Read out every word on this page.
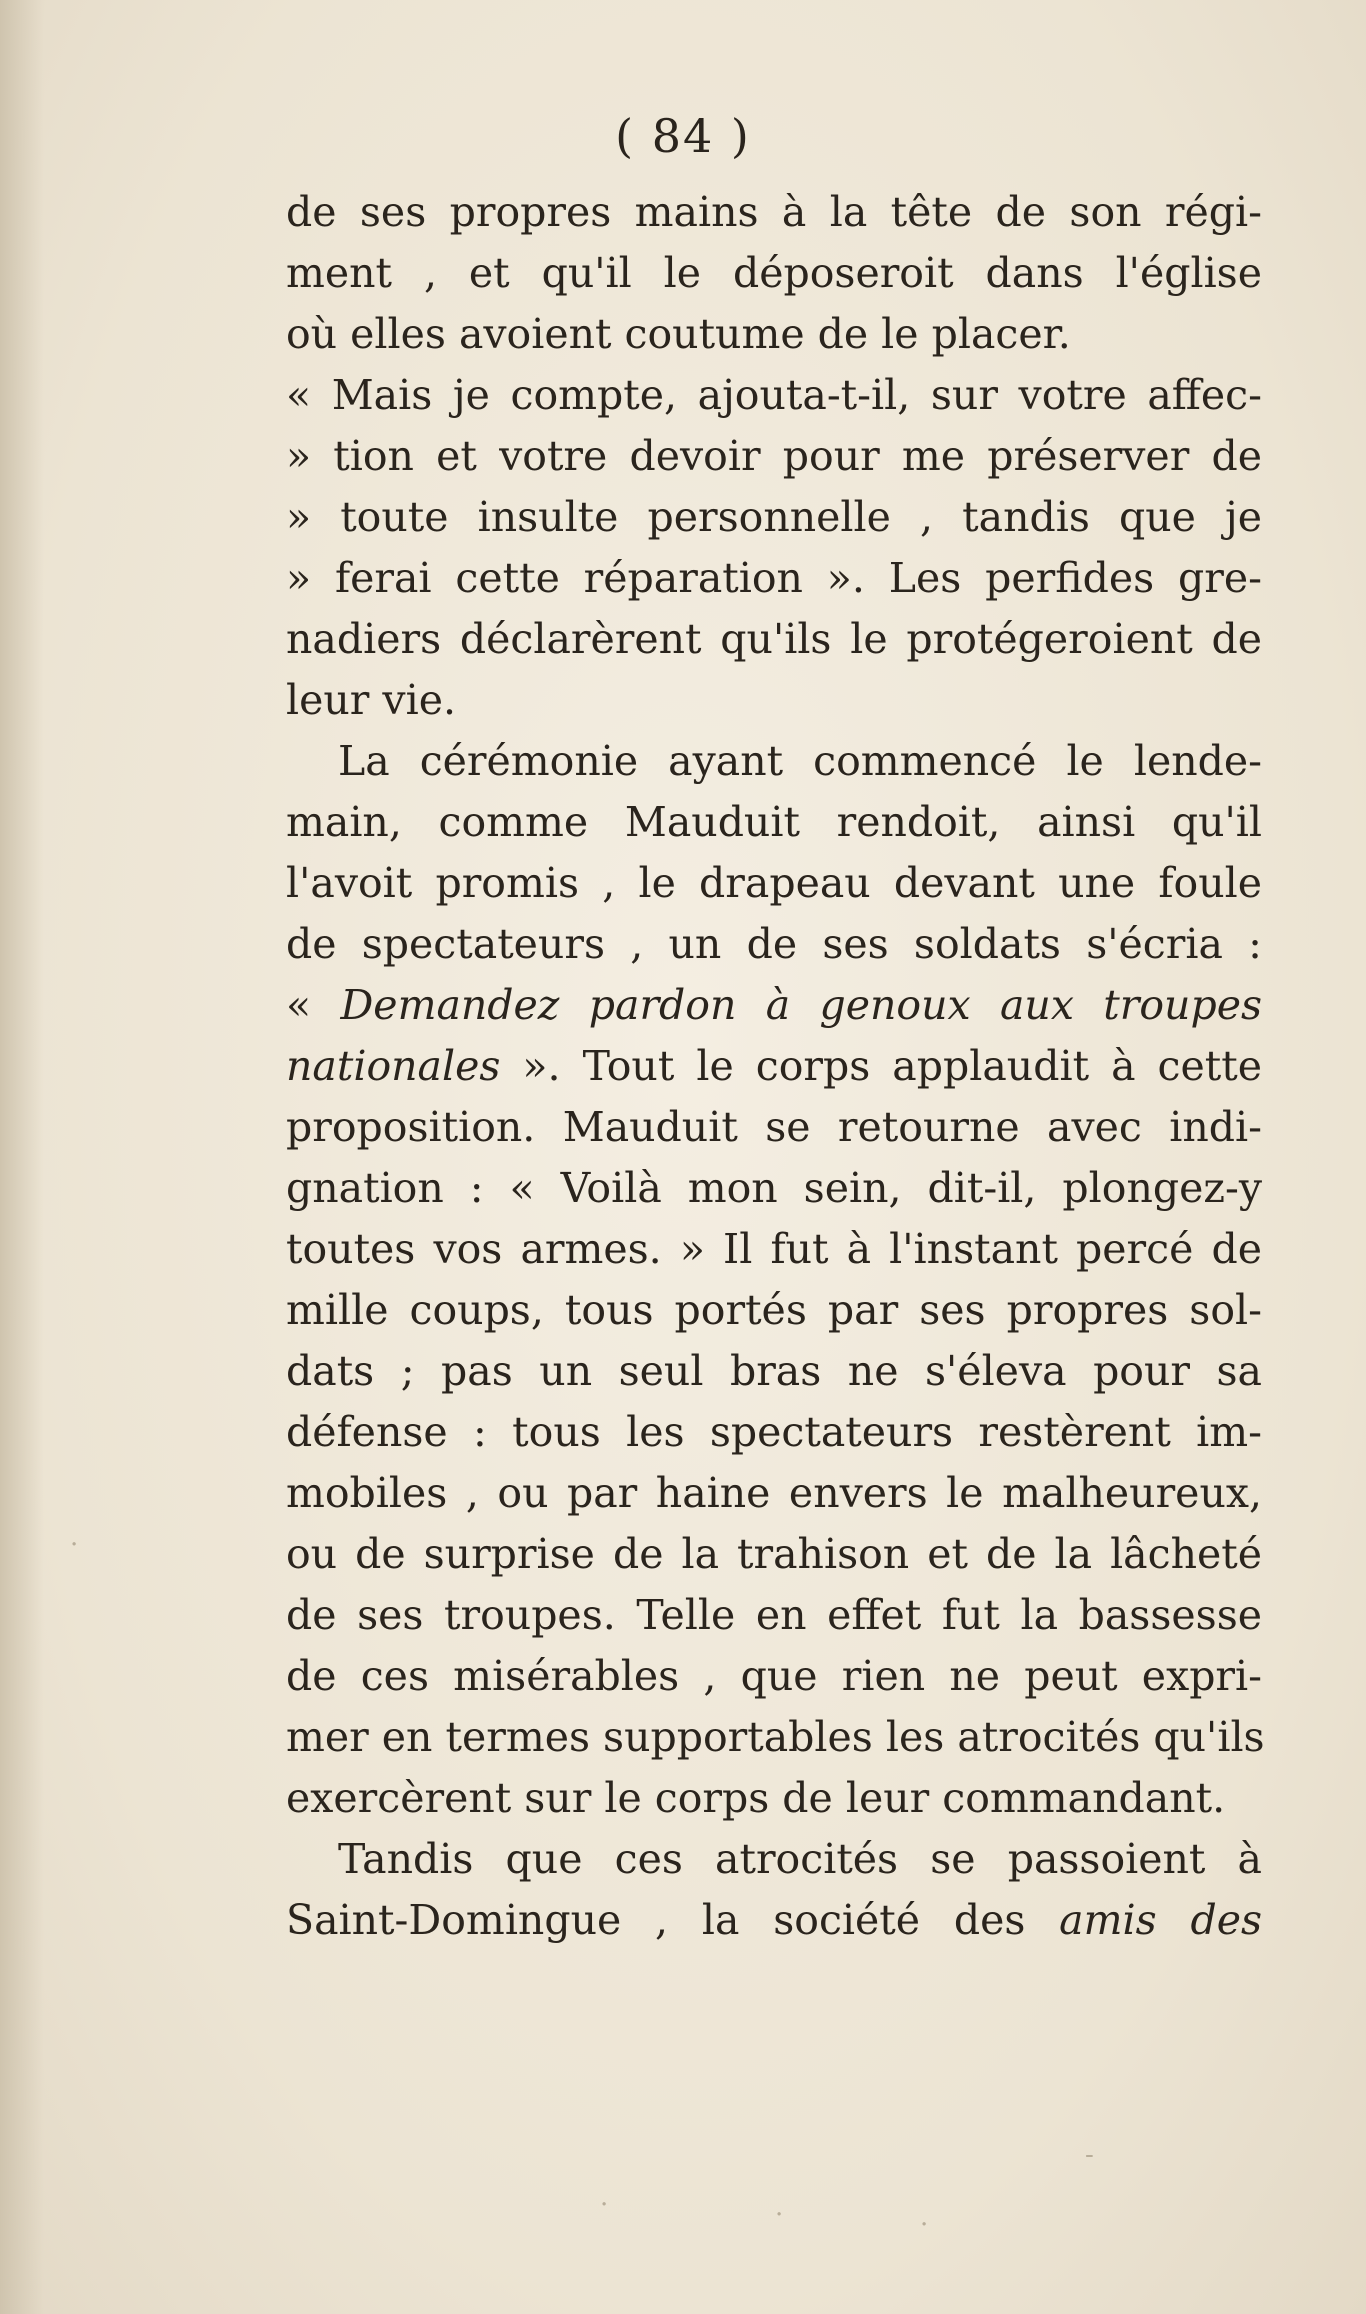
( 84 )
de ses propres mains à la tête de son régi-
ment , et qu'il le déposeroit dans l'église
où elles avoient coutume de le placer.
« Mais je compte, ajouta-t-il, sur votre affec-
» tion et votre devoir pour me préserver de
» toute insulte personnelle , tandis que je
» ferai cette réparation ». Les perfides gre-
nadiers déclarèrent qu'ils le protégeroient de
leur vie.
La cérémonie ayant commencé le lende-
main, comme Mauduit rendoit, ainsi qu'il
l'avoit promis , le drapeau devant une foule
de spectateurs , un de ses soldats s'écria :
« Demandez pardon à genoux aux troupes
nationales ». Tout le corps applaudit à cette
proposition. Mauduit se retourne avec indi-
gnation : « Voilà mon sein, dit-il, plongez-y
toutes vos armes. » Il fut à l'instant percé de
mille coups, tous portés par ses propres sol-
dats ; pas un seul bras ne s'éleva pour sa
défense : tous les spectateurs restèrent im-
mobiles , ou par haine envers le malheureux,
ou de surprise de la trahison et de la lâcheté
de ses troupes. Telle en effet fut la bassesse
de ces misérables , que rien ne peut expri-
mer en termes supportables les atrocités qu'ils
exercèrent sur le corps de leur commandant.
Tandis que ces atrocités se passoient à
Saint-Domingue , la société des amis des
·
-
·	·	·
